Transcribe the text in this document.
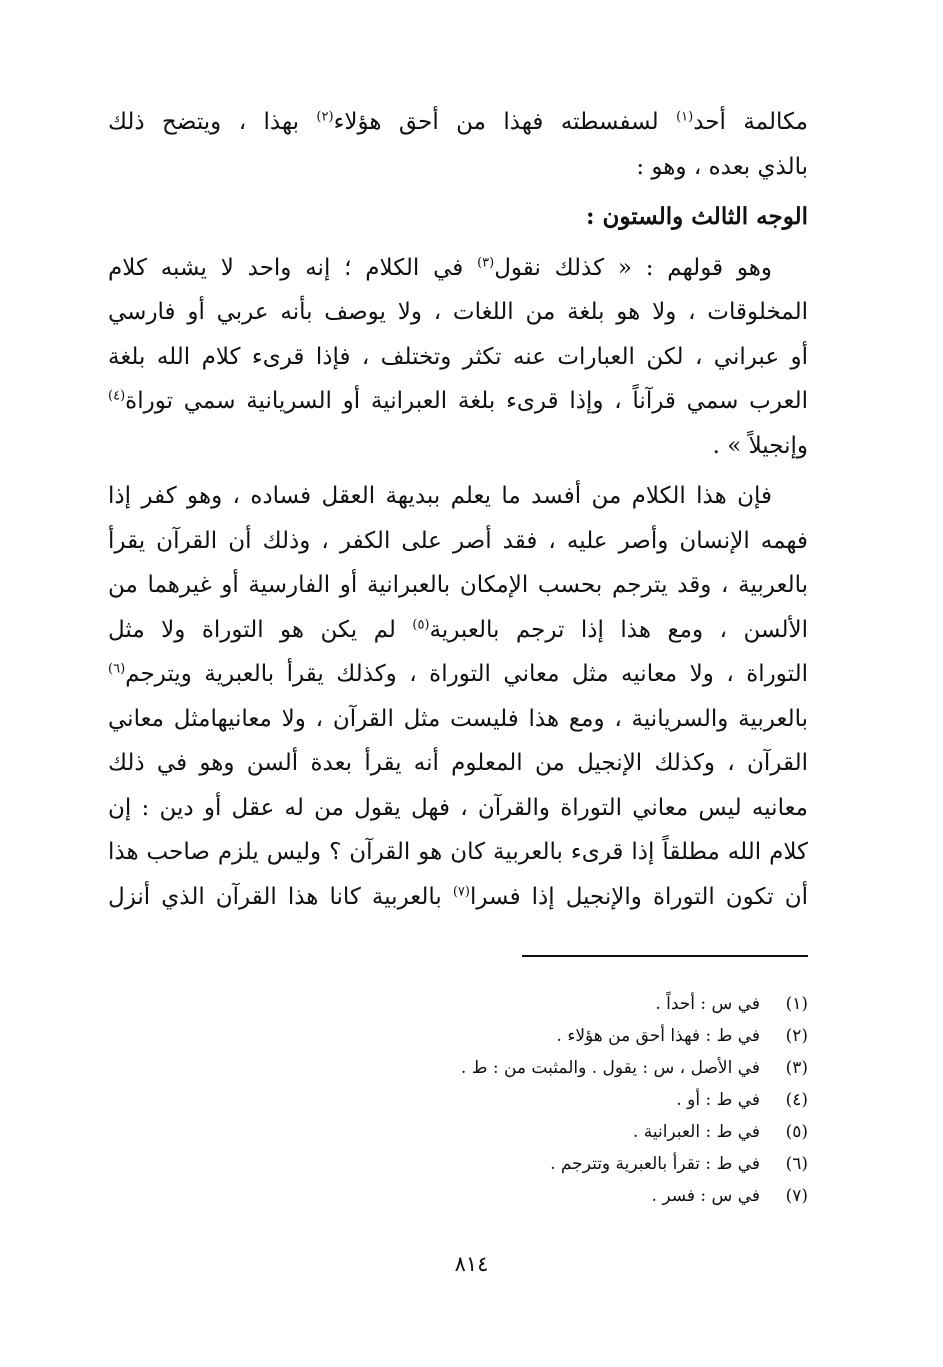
مكالمة أحد$^{(١)}$ لسفسطته فهذا من أحق هؤلاء$^{(٢)}$ بهذا ، ويتضح ذلك
بالذي بعده ، وهو :
الوجه الثالث والستون :
وهو قولهم : « كذلك نقول$^{(٣)}$ في الكلام ؛ إنه واحد لا يشبه كلام
المخلوقات ، ولا هو بلغة من اللغات ، ولا يوصف بأنه عربي أو فارسي
أو عبراني ، لكن العبارات عنه تكثر وتختلف ، فإذا قرىء كلام الله بلغة
العرب سمي قرآناً ، وإذا قرىء بلغة العبرانية أو السريانية سمي توراة$^{(٤)}$
وإنجيلاً » .
فإن هذا الكلام من أفسد ما يعلم ببديهة العقل فساده ، وهو كفر إذا
فهمه الإنسان وأصر عليه ، فقد أصر على الكفر ، وذلك أن القرآن يقرأ
بالعربية ، وقد يترجم بحسب الإمكان بالعبرانية أو الفارسية أو غيرهما من
الألسن ، ومع هذا إذا ترجم بالعبرية$^{(٥)}$ لم يكن هو التوراة ولا مثل
التوراة ، ولا معانيه مثل معاني التوراة ، وكذلك يقرأ بالعبرية ويترجم$^{(٦)}$
بالعربية والسريانية ، ومع هذا فليست مثل القرآن ، ولا معانيهامثل معاني
القرآن ، وكذلك الإنجيل من المعلوم أنه يقرأ بعدة ألسن وهو في ذلك
معانيه ليس معاني التوراة والقرآن ، فهل يقول من له عقل أو دين : إن
كلام الله مطلقاً إذا قرىء بالعربية كان هو القرآن ؟ وليس يلزم صاحب هذا
أن تكون التوراة والإنجيل إذا فسرا$^{(٧)}$ بالعربية كانا هذا القرآن الذي أنزل
(١)
في س : أحداً .
(٢)
في ط : فهذا أحق من هؤلاء .
(٣)
في الأصل ، س : يقول . والمثبت من : ط .
(٤)
في ط : أو .
(٥)
في ط : العبرانية .
(٦)
في ط : تقرأ بالعبرية وتترجم .
(٧)
في س : فسر .
٨١٤
